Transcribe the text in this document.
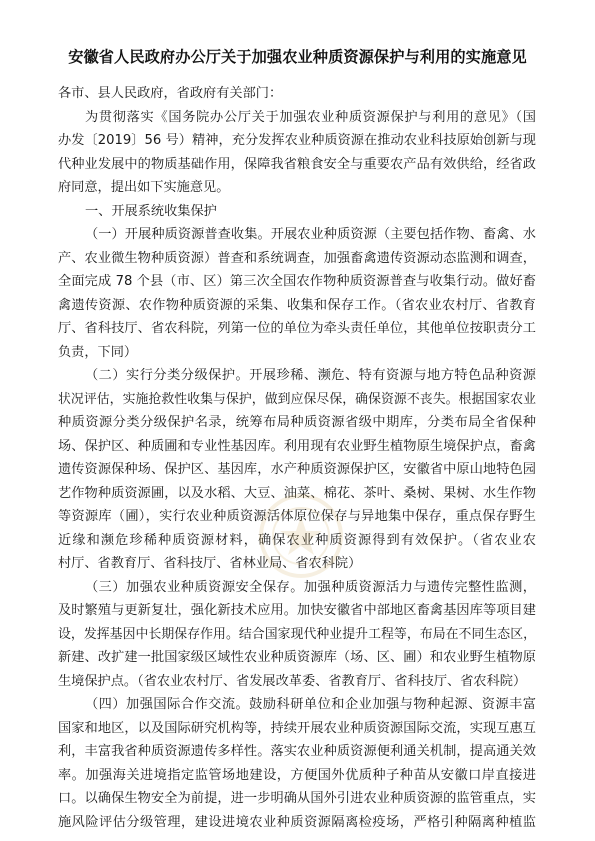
安徽省人民政府办公厅关于加强农业种质资源保护与利用的实施意见
各市、县人民政府，省政府有关部门：
为贯彻落实《国务院办公厅关于加强农业种质资源保护与利用的意见》（国
办发〔2019〕56 号）精神，充分发挥农业种质资源在推动农业科技原始创新与现
代种业发展中的物质基础作用，保障我省粮食安全与重要农产品有效供给，经省政
府同意，提出如下实施意见。
一、开展系统收集保护
（一）开展种质资源普查收集。开展农业种质资源（主要包括作物、畜禽、水
产、农业微生物种质资源）普查和系统调查，加强畜禽遗传资源动态监测和调查，
全面完成 78 个县（市、区）第三次全国农作物种质资源普查与收集行动。做好畜
禽遗传资源、农作物种质资源的采集、收集和保存工作。（省农业农村厅、省教育
厅、省科技厅、省农科院，列第一位的单位为牵头责任单位，其他单位按职责分工
负责，下同）
（二）实行分类分级保护。开展珍稀、濒危、特有资源与地方特色品种资源
状况评估，实施抢救性收集与保护，做到应保尽保，确保资源不丧失。根据国家农业
种质资源分类分级保护名录，统筹布局种质资源省级中期库，分类布局全省保种
场、保护区、种质圃和专业性基因库。利用现有农业野生植物原生境保护点，畜禽
遗传资源保种场、保护区、基因库，水产种质资源保护区，安徽省中原山地特色园
艺作物种质资源圃，以及水稻、大豆、油菜、棉花、茶叶、桑树、果树、水生作物
等资源库（圃），实行农业种质资源活体原位保存与异地集中保存，重点保存野生
近缘和濒危珍稀种质资源材料，确保农业种质资源得到有效保护。（省农业农
村厅、省教育厅、省科技厅、省林业局、省农科院）
（三）加强农业种质资源安全保存。加强种质资源活力与遗传完整性监测，
及时繁殖与更新复壮，强化新技术应用。加快安徽省中部地区畜禽基因库等项目建
设，发挥基因中长期保存作用。结合国家现代种业提升工程等，布局在不同生态区，
新建、改扩建一批国家级区域性农业种质资源库（场、区、圃）和农业野生植物原
生境保护点。（省农业农村厅、省发展改革委、省教育厅、省科技厅、省农科院）
（四）加强国际合作交流。鼓励科研单位和企业加强与物种起源、资源丰富
国家和地区，以及国际研究机构等，持续开展农业种质资源国际交流，实现互惠互
利，丰富我省种质资源遗传多样性。落实农业种质资源便利通关机制，提高通关效
率。加强海关进境指定监管场地建设，方便国外优质种子种苗从安徽口岸直接进
口。以确保生物安全为前提，进一步明确从国外引进农业种质资源的监管重点，实
施风险评估分级管理，建设进境农业种质资源隔离检疫场，严格引种隔离种植监
